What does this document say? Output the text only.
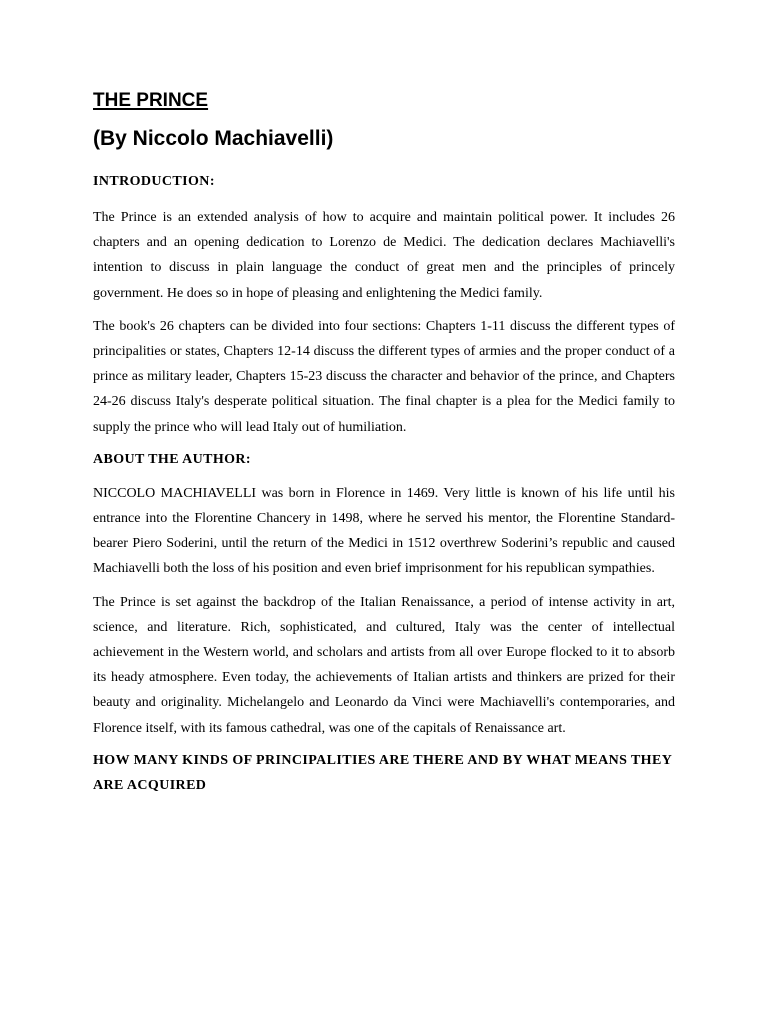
THE PRINCE
(By Niccolo Machiavelli)
INTRODUCTION:

The Prince is an extended analysis of how to acquire and maintain political power. It includes 26 chapters and an opening dedication to Lorenzo de Medici. The dedication declares Machiavelli's intention to discuss in plain language the conduct of great men and the principles of princely government. He does so in hope of pleasing and enlightening the Medici family.

The book's 26 chapters can be divided into four sections: Chapters 1-11 discuss the different types of principalities or states, Chapters 12-14 discuss the different types of armies and the proper conduct of a prince as military leader, Chapters 15-23 discuss the character and behavior of the prince, and Chapters 24-26 discuss Italy's desperate political situation. The final chapter is a plea for the Medici family to supply the prince who will lead Italy out of humiliation.

ABOUT THE AUTHOR:

NICCOLO MACHIAVELLI was born in Florence in 1469. Very little is known of his life until his entrance into the Florentine Chancery in 1498, where he served his mentor, the Florentine Standard-bearer Piero Soderini, until the return of the Medici in 1512 overthrew Soderini’s republic and caused Machiavelli both the loss of his position and even brief imprisonment for his republican sympathies.

The Prince is set against the backdrop of the Italian Renaissance, a period of intense activity in art, science, and literature. Rich, sophisticated, and cultured, Italy was the center of intellectual achievement in the Western world, and scholars and artists from all over Europe flocked to it to absorb its heady atmosphere. Even today, the achievements of Italian artists and thinkers are prized for their beauty and originality. Michelangelo and Leonardo da Vinci were Machiavelli's contemporaries, and Florence itself, with its famous cathedral, was one of the capitals of Renaissance art.

HOW MANY KINDS OF PRINCIPALITIES ARE THERE AND BY WHAT MEANS THEY ARE ACQUIRED
